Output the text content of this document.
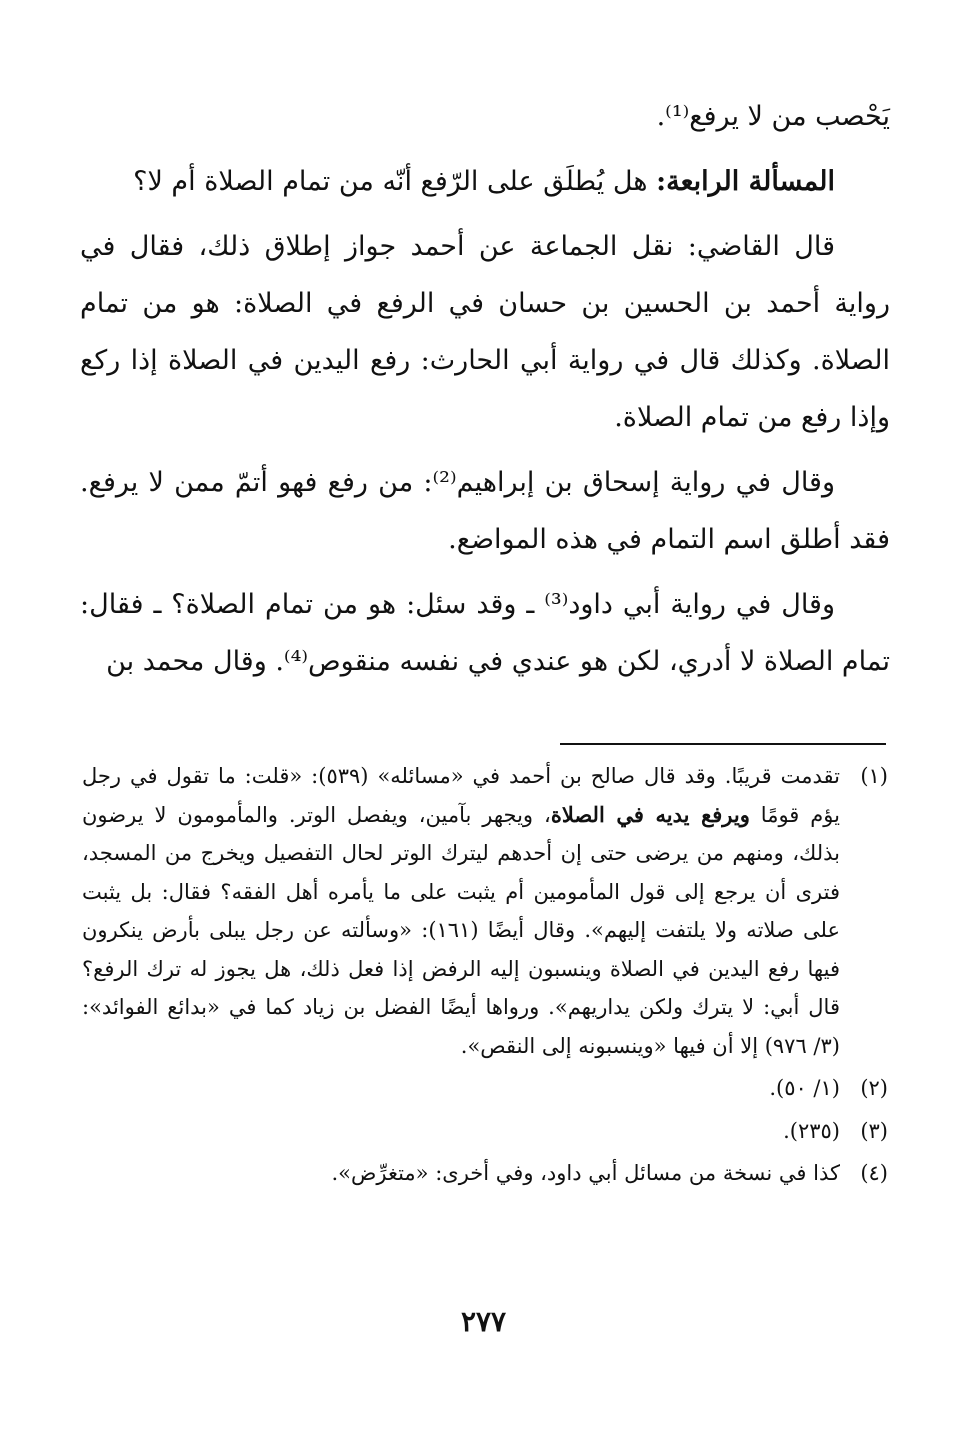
يَحْصب من لا يرفع⁽¹⁾.

المسألة الرابعة: هل يُطلَق على الرّفع أنّه من تمام الصلاة أم لا؟

قال القاضي: نقل الجماعة عن أحمد جواز إطلاق ذلك، فقال في رواية أحمد بن الحسين بن حسان في الرفع في الصلاة: هو من تمام الصلاة. وكذلك قال في رواية أبي الحارث: رفع اليدين في الصلاة إذا ركع وإذا رفع من تمام الصلاة.

وقال في رواية إسحاق بن إبراهيم⁽²⁾: من رفع فهو أتمّ ممن لا يرفع. فقد أطلق اسم التمام في هذه المواضع.

وقال في رواية أبي داود⁽³⁾ ـ وقد سئل: هو من تمام الصلاة؟ ـ فقال: تمام الصلاة لا أدري، لكن هو عندي في نفسه منقوص⁽⁴⁾. وقال محمد بن

(١)
تقدمت قريبًا. وقد قال صالح بن أحمد في «مسائله» (٥٣٩): «قلت: ما تقول في رجل يؤم قومًا ويرفع يديه في الصلاة، ويجهر بآمين، ويفصل الوتر. والمأمومون لا يرضون بذلك، ومنهم من يرضى حتى إن أحدهم ليترك الوتر لحال التفصيل ويخرج من المسجد، فترى أن يرجع إلى قول المأمومين أم يثبت على ما يأمره أهل الفقه؟ فقال: بل يثبت على صلاته ولا يلتفت إليهم». وقال أيضًا (١٦١): «وسألته عن رجل يبلى بأرض ينكرون فيها رفع اليدين في الصلاة وينسبون إليه الرفض إذا فعل ذلك، هل يجوز له ترك الرفع؟ قال أبي: لا يترك ولكن يداريهم». ورواها أيضًا الفضل بن زياد كما في «بدائع الفوائد»: (٣/ ٩٧٦) إلا أن فيها «وينسبونه إلى النقص».
(٢)
(١/ ٥٠).
(٣)
(٢٣٥).
(٤)
كذا في نسخة من مسائل أبي داود، وفي أخرى: «متغرِّض».
٢٧٧
